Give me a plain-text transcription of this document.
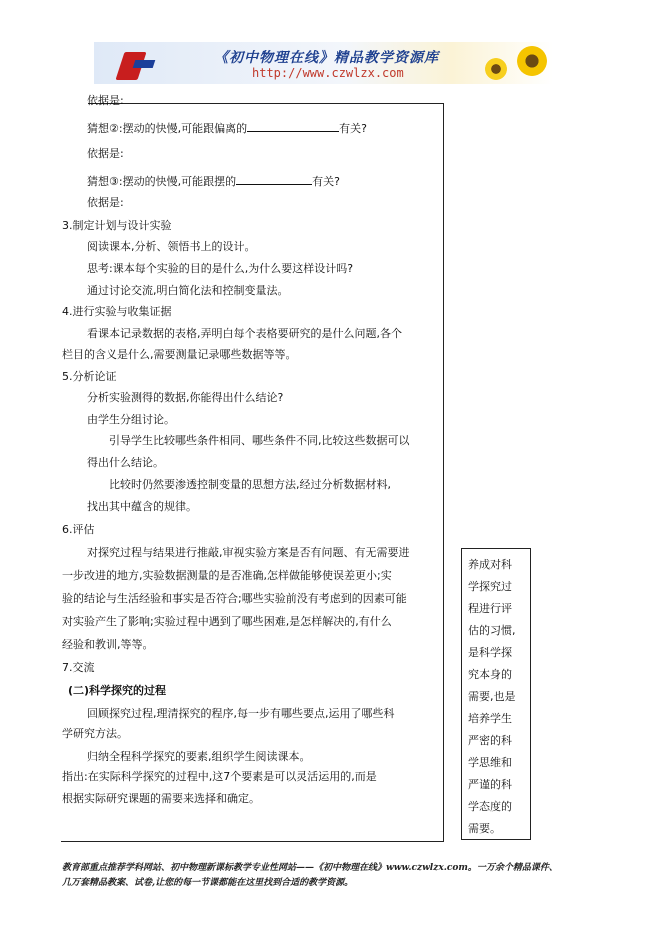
《初中物理在线》精品教学资源库
http://www.czwlzx.com
依据是:
猜想②:摆动的快慢,可能跟偏离的	有关?
依据是:
猜想③:摆动的快慢,可能跟摆的	有关?
依据是:
3.制定计划与设计实验
阅读课本,分析、领悟书上的设计。
思考:课本每个实验的目的是什么,为什么要这样设计吗?
通过讨论交流,明白简化法和控制变量法。
4.进行实验与收集证据
看课本记录数据的表格,弄明白每个表格要研究的是什么问题,各个
栏目的含义是什么,需要测量记录哪些数据等等。
5.分析论证
分析实验测得的数据,你能得出什么结论?
由学生分组讨论。
引导学生比较哪些条件相同、哪些条件不同,比较这些数据可以
得出什么结论。
比较时仍然要渗透控制变量的思想方法,经过分析数据材料,
找出其中蕴含的规律。
6.评估
对探究过程与结果进行推敲,审视实验方案是否有问题、有无需要进
一步改进的地方,实验数据测量的是否准确,怎样做能够使误差更小;实
验的结论与生活经验和事实是否符合;哪些实验前没有考虑到的因素可能
对实验产生了影响;实验过程中遇到了哪些困难,是怎样解决的,有什么
经验和教训,等等。
7.交流
(二)科学探究的过程
回顾探究过程,理清探究的程序,每一步有哪些要点,运用了哪些科
学研究方法。
归纳全程科学探究的要素,组织学生阅读课本。
指出:在实际科学探究的过程中,这7个要素是可以灵活运用的,而是
根据实际研究课题的需要来选择和确定。
养成对科
学探究过
程进行评
估的习惯,
是科学探
究本身的
需要,也是
培养学生
严密的科
学思维和
严谨的科
学态度的
需要。
教育部重点推荐学科网站、初中物理新课标教学专业性网站——《初中物理在线》www.czwlzx.com。一万余个精品课件、
几万套精品教案、试卷,让您的每一节课都能在这里找到合适的教学资源。
